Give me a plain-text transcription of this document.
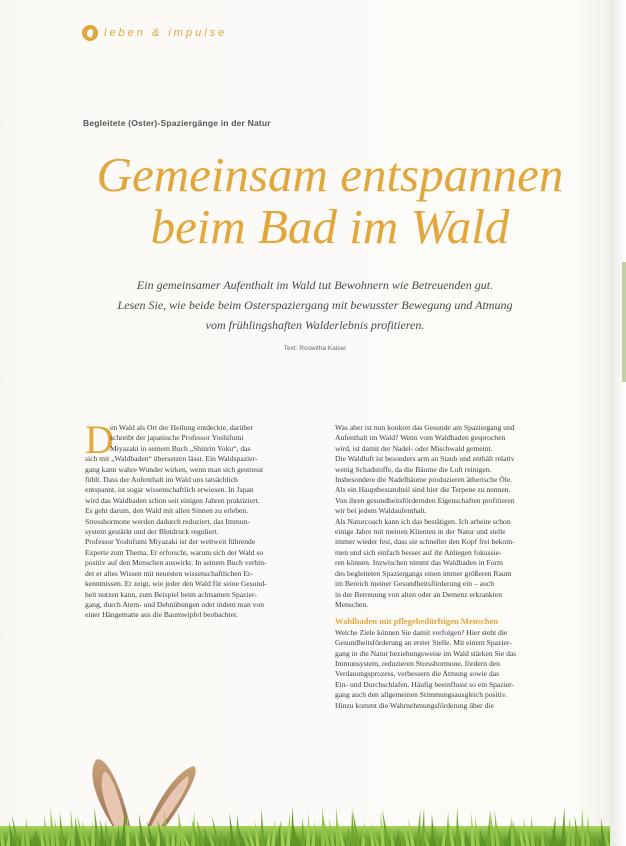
leben & impulse
Begleitete (Oster)-Spaziergänge in der Natur
Gemeinsam entspannen
beim Bad im Wald
Ein gemeinsamer Aufenthalt im Wald tut Bewohnern wie Betreuenden gut.
Lesen Sie, wie beide beim Osterspaziergang mit bewusster Bewegung und Atmung
vom frühlingshaften Walderlebnis profitieren.
Text: Roswitha Kaiser
D

en Wald als Ort der Heilung entdeckte, darüber

schreibt der japanische Professor Yoshifumi

Miyazaki in seinem Buch „Shinrin Yoku“, das

sich mit „Waldbaden“ übersetzen lässt. Ein Waldspazier-

gang kann wahre Wunder wirken, wenn man sich gestresst

fühlt. Dass der Aufenthalt im Wald uns tatsächlich

entspannt, ist sogar wissenschaftlich erwiesen. In Japan

wird das Waldbaden schon seit einigen Jahren praktiziert.

Es geht darum, den Wald mit allen Sinnen zu erleben.

Stresshormone werden dadurch reduziert, das Immun-

system gestärkt und der Blutdruck reguliert.

Professor Yoshifumi Miyazaki ist der weltweit führende

Experte zum Thema. Er erforscht, warum sich der Wald so

positiv auf den Menschen auswirkt. In seinem Buch verbin-

det er altes Wissen mit neuesten wissenschaftlichen Er-

kenntnissen. Er zeigt, wie jeder den Wald für seine Gesund-

heit nutzen kann, zum Beispiel beim achtsamen Spazier-

gang, durch Atem- und Dehnübungen oder indem man von

einer Hängematte aus die Baumwipfel beobachtet.

Was aber ist nun konkret das Gesunde am Spaziergang und

Aufenthalt im Wald? Wenn vom Waldbaden gesprochen

wird, ist damit der Nadel- oder Mischwald gemeint.

Die Waldluft ist besonders arm an Staub und enthält relativ

wenig Schadstoffe, da die Bäume die Luft reinigen.

Insbesondere die Nadelbäume produzieren ätherische Öle.

Als ein Hauptbestandteil sind hier die Terpene zu nennen.

Von ihren gesundheitsfördernden Eigenschaften profitieren

wir bei jedem Waldaufenthalt.

Als Naturcoach kann ich das bestätigen. Ich arbeite schon

einige Jahre mit meinen Klienten in der Natur und stelle

immer wieder fest, dass sie schneller den Kopf frei bekom-

men und sich einfach besser auf ihr Anliegen fokussie-

ren können. Inzwischen nimmt das Waldbaden in Form

des begleiteten Spaziergangs einen immer größeren Raum

im Bereich meiner Gesundheitsförderung ein – auch

in der Betreuung von alten oder an Demenz erkrankten

Menschen.

Waldbaden mit pflegebedürftigen Menschen

Welche Ziele können Sie damit verfolgen? Hier steht die

Gesundheitsförderung an erster Stelle. Mit einem Spazier-

gang in die Natur beziehungsweise im Wald stärken Sie das

Immunsystem, reduzieren Stresshormone, fördern den

Verdauungsprozess, verbessern die Atmung sowie das

Ein- und Durchschlafen. Häufig beeinflusst so ein Spazier-

gang auch den allgemeinen Stimmungsausgleich positiv.

Hinzu kommt die Wahrnehmungsförderung über die
